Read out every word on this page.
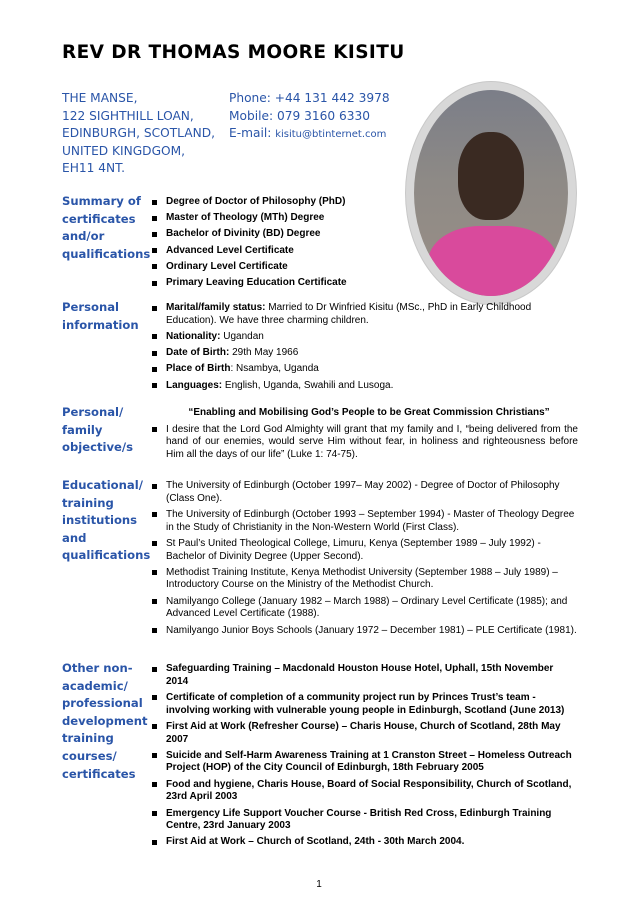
REV DR THOMAS MOORE KISITU
THE MANSE,
122 SIGHTHILL LOAN,
EDINBURGH, SCOTLAND,
UNITED KINGDGOM,
EH11 4NT.
Phone: +44 131 442 3978
Mobile: 079 3160 6330
E-mail: kisitu@btinternet.com
Summary of certificates and/or qualifications
Degree of Doctor of Philosophy (PhD)
Master of Theology (MTh) Degree
Bachelor of Divinity (BD) Degree
Advanced Level Certificate
Ordinary Level Certificate
Primary Leaving Education Certificate
Personal information
Marital/family status: Married to Dr Winfried Kisitu (MSc., PhD in Early Childhood Education). We have three charming children.
Nationality: Ugandan
Date of Birth: 29th May 1966
Place of Birth: Nsambya, Uganda
Languages: English, Uganda, Swahili and Lusoga.
Personal/ family objective/s
“Enabling and Mobilising God’s People to be Great Commission Christians”
I desire that the Lord God Almighty will grant that my family and I, “being delivered from the hand of our enemies, would serve Him without fear, in holiness and righteousness before Him all the days of our life” (Luke 1: 74-75).
Educational/ training institutions and qualifications
The University of Edinburgh (October 1997– May 2002) - Degree of Doctor of Philosophy (Class One).
The University of Edinburgh (October 1993 – September 1994) - Master of Theology Degree in the Study of Christianity in the Non-Western World (First Class).
St Paul’s United Theological College, Limuru, Kenya (September 1989 – July 1992) - Bachelor of Divinity Degree (Upper Second).
Methodist Training Institute, Kenya Methodist University (September 1988 – July 1989) – Introductory Course on the Ministry of the Methodist Church.
Namilyango College (January 1982 – March 1988) – Ordinary Level Certificate (1985); and Advanced Level Certificate (1988).
Namilyango Junior Boys Schools (January 1972 – December 1981) – PLE Certificate (1981).
Other non-academic/ professional development training courses/ certificates
Safeguarding Training – Macdonald Houston House Hotel, Uphall, 15th November 2014
Certificate of completion of a community project run by Princes Trust’s team - involving working with vulnerable young people in Edinburgh, Scotland (June 2013)
First Aid at Work (Refresher Course) – Charis House, Church of Scotland, 28th May 2007
Suicide and Self-Harm Awareness Training at 1 Cranston Street – Homeless Outreach Project (HOP) of the City Council of Edinburgh, 18th February 2005
Food and hygiene, Charis House, Board of Social Responsibility, Church of Scotland, 23rd April 2003
Emergency Life Support Voucher Course - British Red Cross, Edinburgh Training Centre, 23rd January 2003
First Aid at Work – Church of Scotland, 24th - 30th March 2004.
1
